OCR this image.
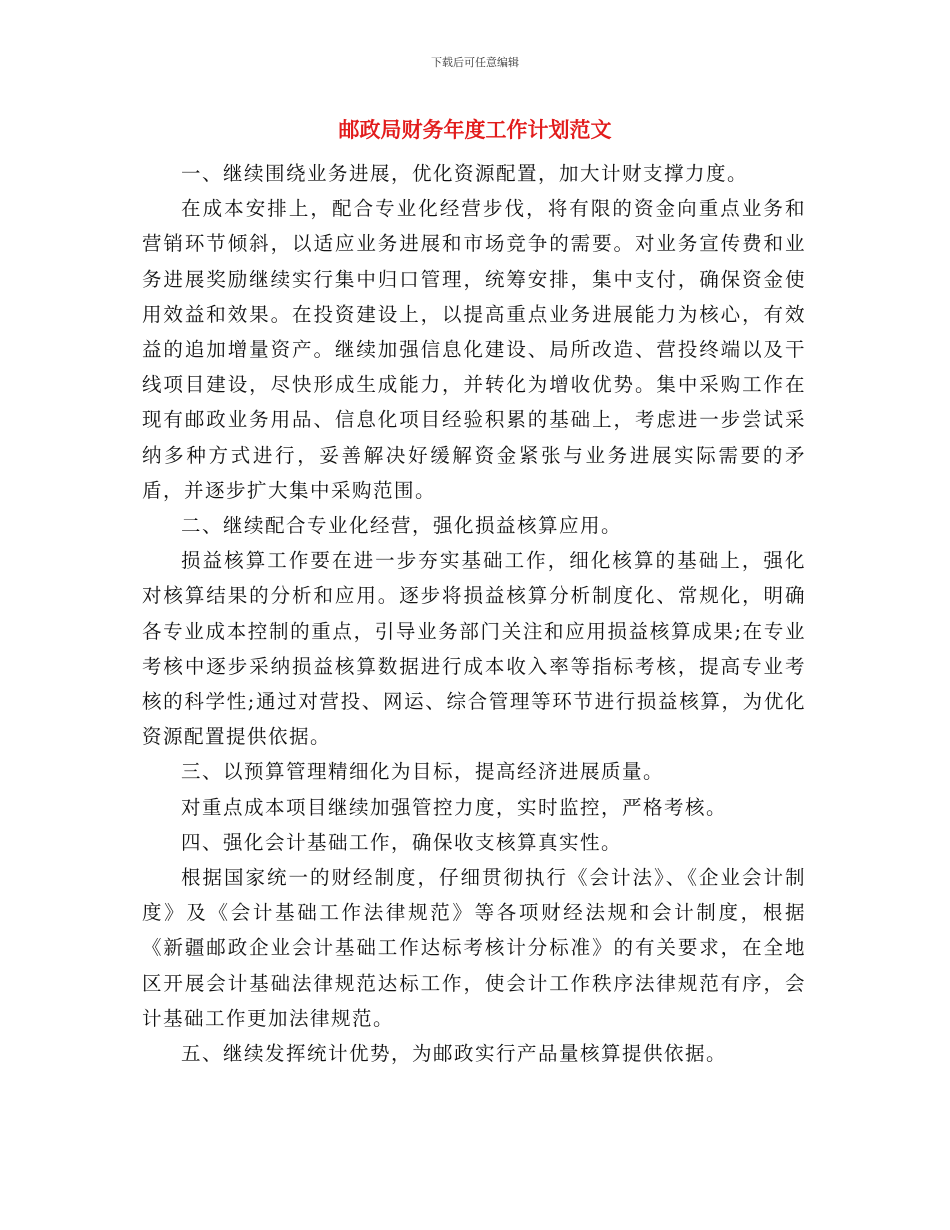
下载后可任意编辑
邮政局财务年度工作计划范文

一、继续围绕业务进展，优化资源配置，加大计财支撑力度。

在成本安排上，配合专业化经营步伐，将有限的资金向重点业务和营销环节倾斜，以适应业务进展和市场竞争的需要。对业务宣传费和业务进展奖励继续实行集中归口管理，统筹安排，集中支付，确保资金使用效益和效果。在投资建设上，以提高重点业务进展能力为核心，有效益的追加增量资产。继续加强信息化建设、局所改造、营投终端以及干线项目建设，尽快形成生成能力，并转化为增收优势。集中采购工作在现有邮政业务用品、信息化项目经验积累的基础上，考虑进一步尝试采纳多种方式进行，妥善解决好缓解资金紧张与业务进展实际需要的矛盾，并逐步扩大集中采购范围。

二、继续配合专业化经营，强化损益核算应用。

损益核算工作要在进一步夯实基础工作，细化核算的基础上，强化对核算结果的分析和应用。逐步将损益核算分析制度化、常规化，明确各专业成本控制的重点，引导业务部门关注和应用损益核算成果;在专业考核中逐步采纳损益核算数据进行成本收入率等指标考核，提高专业考核的科学性;通过对营投、网运、综合管理等环节进行损益核算，为优化资源配置提供依据。

三、以预算管理精细化为目标，提高经济进展质量。

对重点成本项目继续加强管控力度，实时监控，严格考核。

四、强化会计基础工作，确保收支核算真实性。

根据国家统一的财经制度，仔细贯彻执行《会计法》、《企业会计制度》及《会计基础工作法律规范》等各项财经法规和会计制度，根据《新疆邮政企业会计基础工作达标考核计分标准》的有关要求，在全地区开展会计基础法律规范达标工作，使会计工作秩序法律规范有序，会计基础工作更加法律规范。

五、继续发挥统计优势，为邮政实行产品量核算提供依据。
